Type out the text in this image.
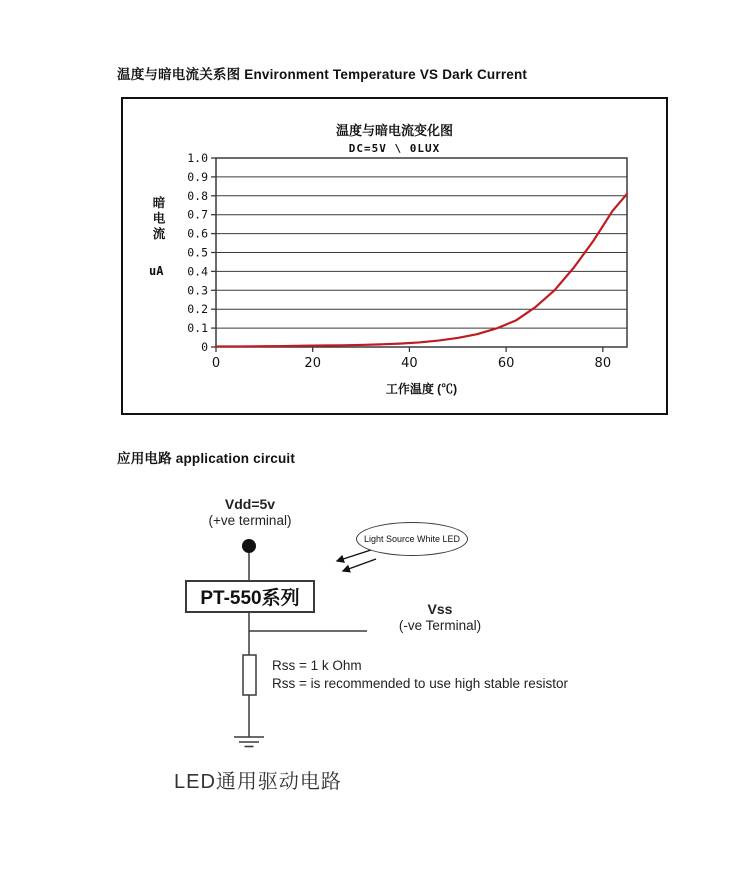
温度与暗电流关系图 Environment Temperature VS Dark Current
0
0.1
0.2
0.3
0.4
0.5
0.6
0.7
0.8
0.9
1.0
0	20	40	60	80
温度与暗电流变化图
DC=5V \ 0LUX
暗电流
uA
工作温度 (℃)
应用电路 application circuit
Vdd=5v
(+ve terminal)
PT-550系列
Light Source White LED
Vss
(-ve Terminal)
Rss = 1 k Ohm
Rss = is recommended to use high stable resistor
LED通用驱动电路
